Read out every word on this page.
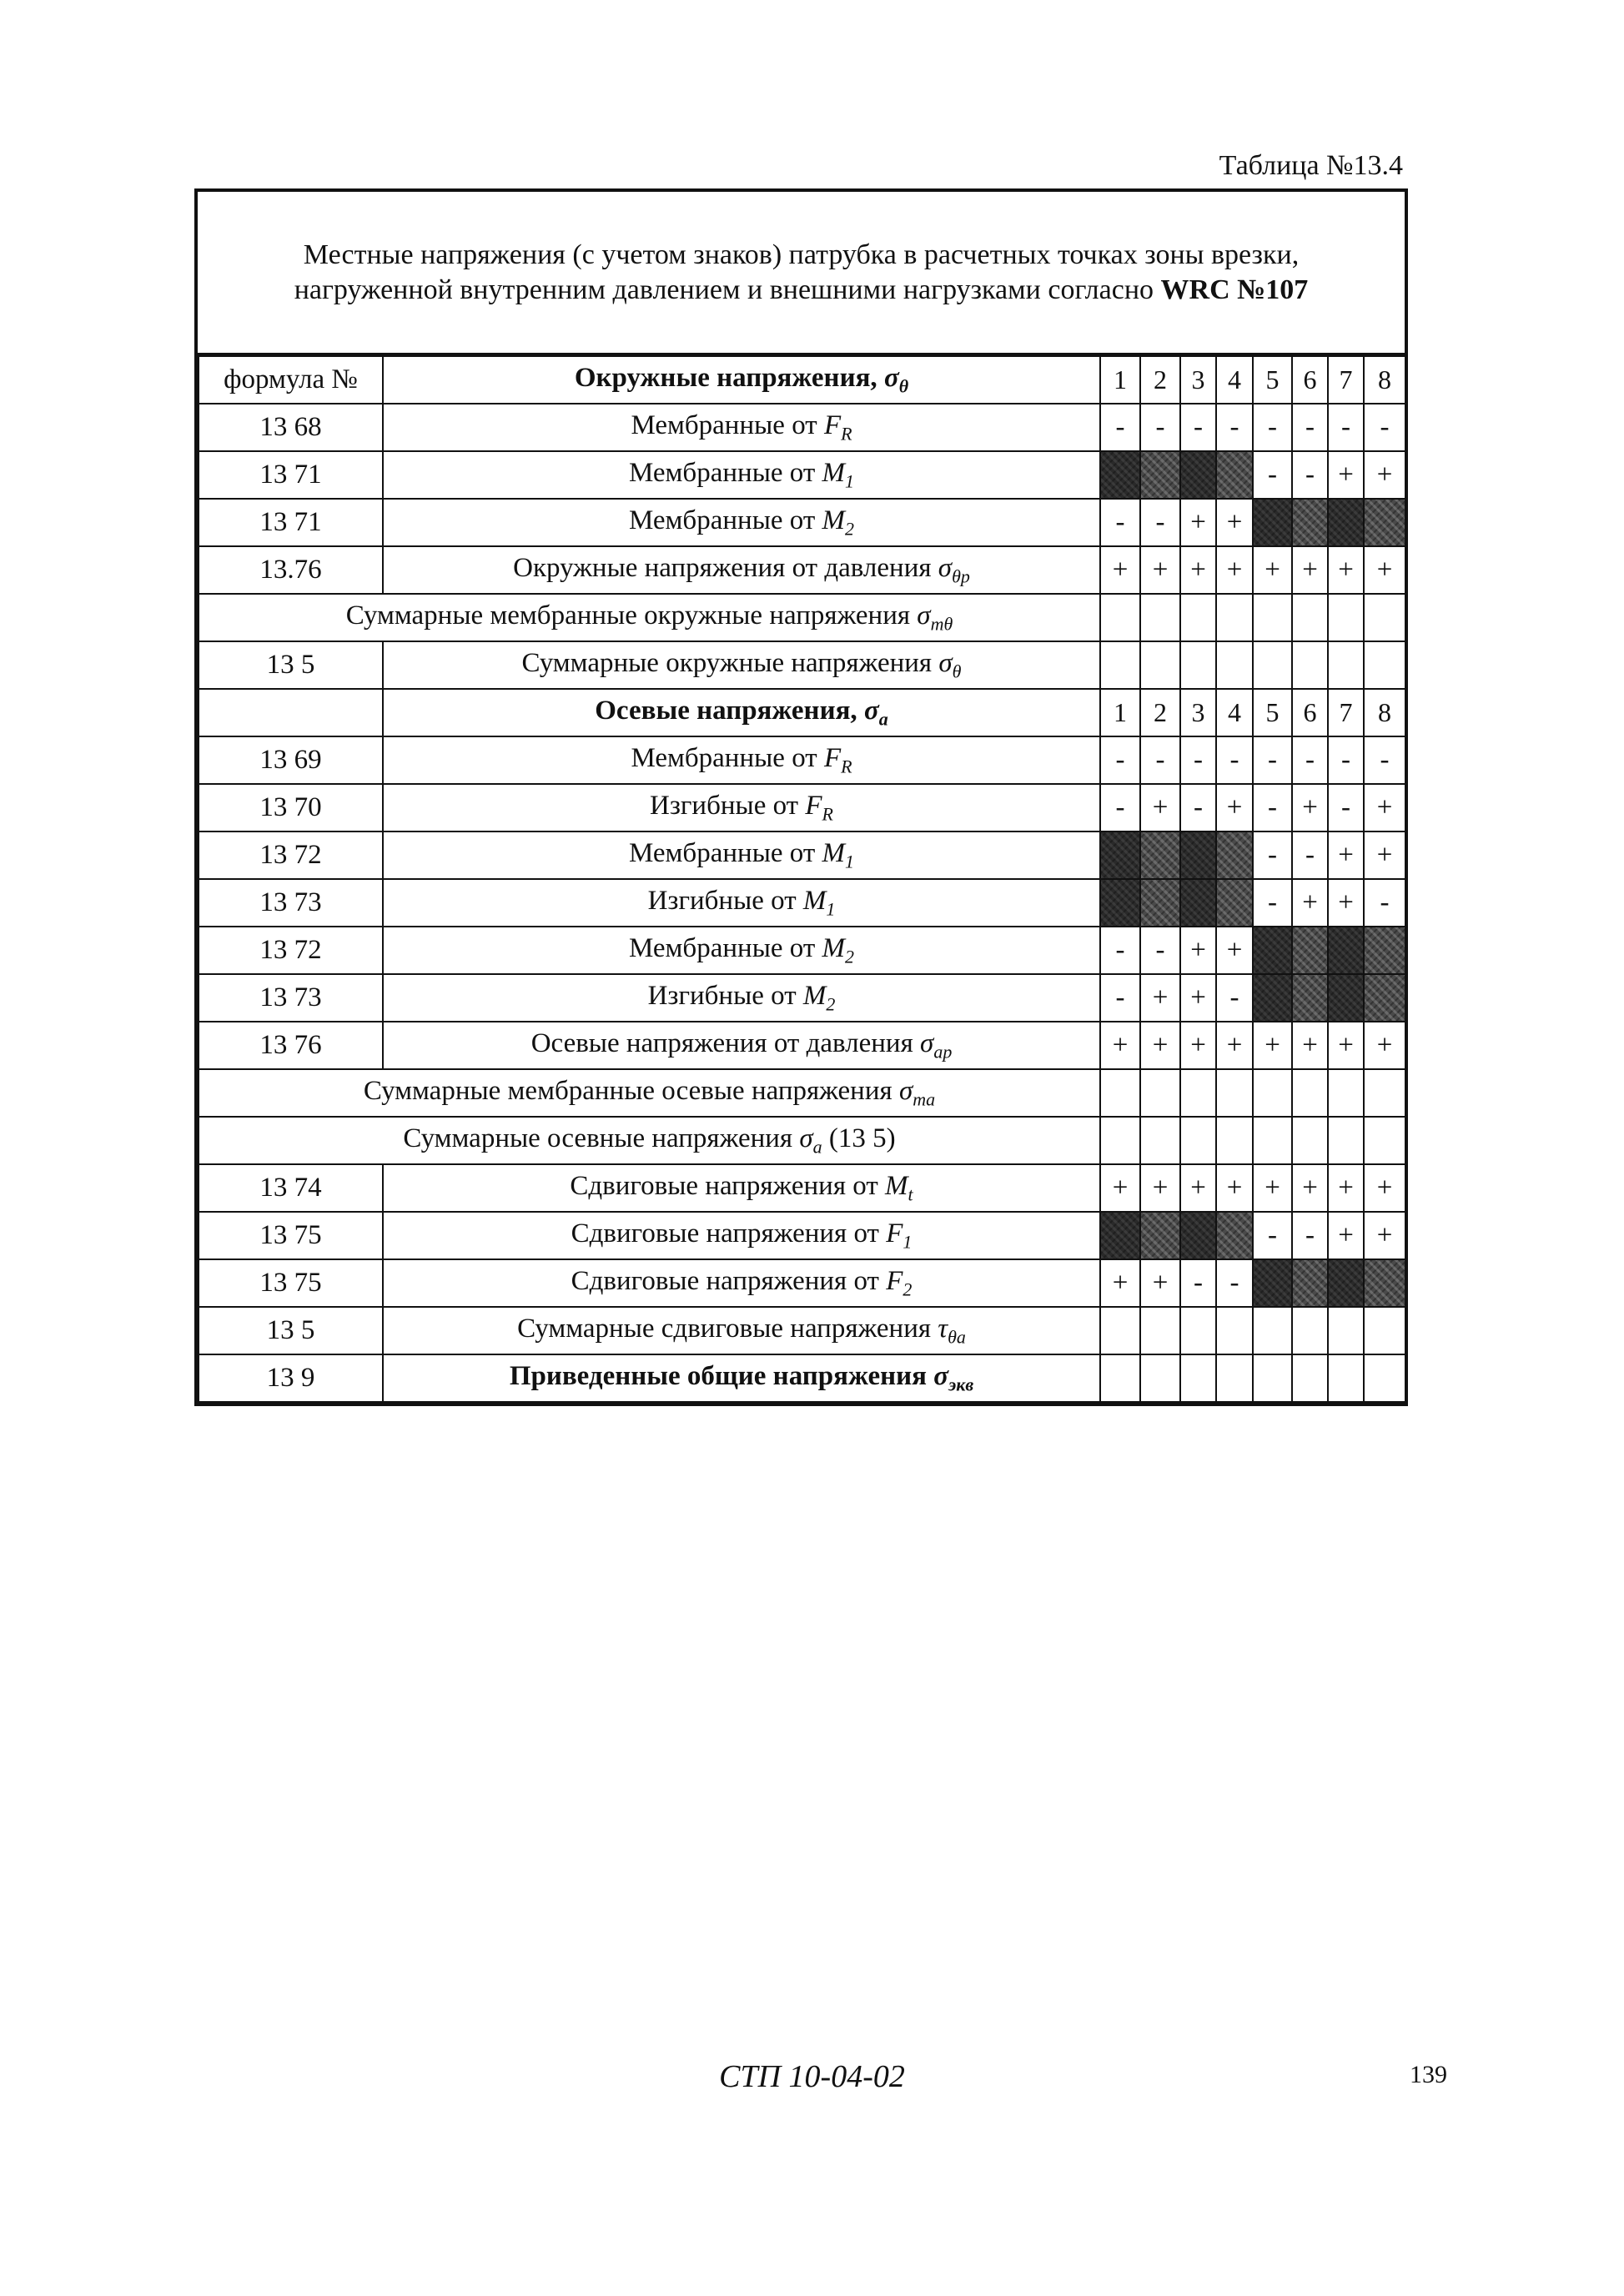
Таблица №13.4
Местные напряжения (с учетом знаков) патрубка в расчетных точках зоны врезки,
нагруженной внутренним давлением и внешними нагрузками согласно WRC №107
формула №	Окружные напряжения, $\sigma_\theta$	1	2	3	4	5	6	7	8
13 68	Мембранные от $F_R$	-	-	-	-	-	-	-	-
13 71	Мембранные от $M_1$					-	-	+	+
13 71	Мембранные от $M_2$	-	-	+	+				
13.76	Окружные напряжения от давления $\sigma_{\theta p}$	+	+	+	+	+	+	+	+
Суммарные мембранные окружные напряжения $\sigma_{m\theta}$								
13 5	Суммарные окружные напряжения $\sigma_\theta$								
	Осевые напряжения, $\sigma_a$	1	2	3	4	5	6	7	8
13 69	Мембранные от $F_R$	-	-	-	-	-	-	-	-
13 70	Изгибные от $F_R$	-	+	-	+	-	+	-	+
13 72	Мембранные от $M_1$					-	-	+	+
13 73	Изгибные от $M_1$					-	+	+	-
13 72	Мембранные от $M_2$	-	-	+	+				
13 73	Изгибные от $M_2$	-	+	+	-				
13 76	Осевые напряжения от давления $\sigma_{ap}$	+	+	+	+	+	+	+	+
Суммарные мембранные осевые напряжения $\sigma_{ma}$								
Суммарные осевные напряжения $\sigma_a$ (13 5)									
13 74	Сдвиговые напряжения от $M_t$	+	+	+	+	+	+	+	+
13 75	Сдвиговые напряжения от $F_1$					-	-	+	+
13 75	Сдвиговые напряжения от $F_2$	+	+	-	-				
13 5	Суммарные сдвиговые напряжения $\tau_{\theta a}$								
13 9	Приведенные общие напряжения $\sigma_{экв}$								
СТП 10-04-02	139
